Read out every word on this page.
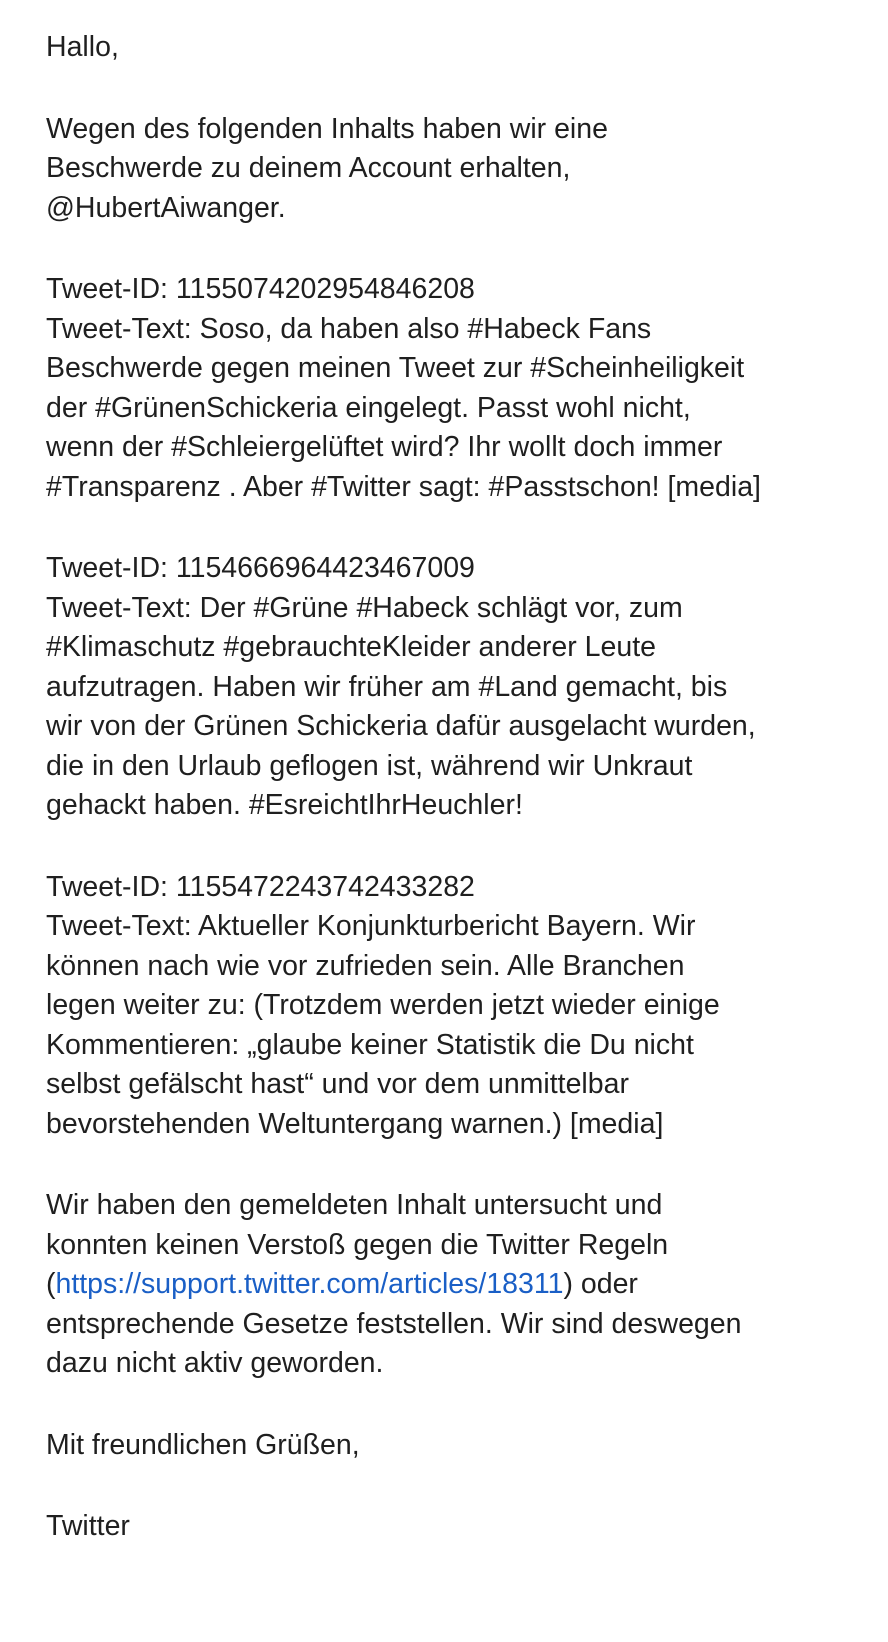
Hallo,

Wegen des folgenden Inhalts haben wir eine
Beschwerde zu deinem Account erhalten,
@HubertAiwanger.

Tweet-ID: 1155074202954846208
Tweet-Text: Soso, da haben also #Habeck Fans
Beschwerde gegen meinen Tweet zur #Scheinheiligkeit
der #GrünenSchickeria eingelegt. Passt wohl nicht,
wenn der #Schleiergelüftet wird? Ihr wollt doch immer
#Transparenz . Aber #Twitter sagt: #Passtschon! [media]

Tweet-ID: 1154666964423467009
Tweet-Text: Der #Grüne #Habeck schlägt vor, zum
#Klimaschutz #gebrauchteKleider anderer Leute
aufzutragen. Haben wir früher am #Land gemacht, bis
wir von der Grünen Schickeria dafür ausgelacht wurden,
die in den Urlaub geflogen ist, während wir Unkraut
gehackt haben. #EsreichtIhrHeuchler!

Tweet-ID: 1155472243742433282
Tweet-Text: Aktueller Konjunkturbericht Bayern. Wir
können nach wie vor zufrieden sein. Alle Branchen
legen weiter zu: (Trotzdem werden jetzt wieder einige
Kommentieren: „glaube keiner Statistik die Du nicht
selbst gefälscht hast“ und vor dem unmittelbar
bevorstehenden Weltuntergang warnen.) [media]

Wir haben den gemeldeten Inhalt untersucht und
konnten keinen Verstoß gegen die Twitter Regeln
(https://support.twitter.com/articles/18311) oder
entsprechende Gesetze feststellen. Wir sind deswegen
dazu nicht aktiv geworden.

Mit freundlichen Grüßen,

Twitter
